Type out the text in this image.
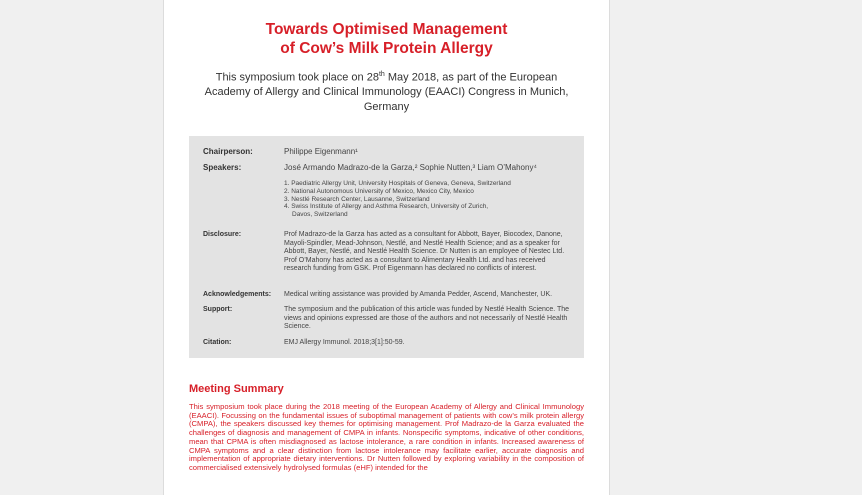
Towards Optimised Management
of Cow’s Milk Protein Allergy
This symposium took place on 28th May 2018, as part of the European Academy of Allergy and Clinical Immunology (EAACI) Congress in Munich, Germany
Chairperson:	Philippe Eigenmann¹
Speakers:	José Armando Madrazo-de la Garza,² Sophie Nutten,³ Liam O’Mahony⁴
1. Paediatric Allergy Unit, University Hospitals of Geneva, Geneva, Switzerland
2. National Autonomous University of Mexico, Mexico City, Mexico
3. Nestlé Research Center, Lausanne, Switzerland
4. Swiss Institute of Allergy and Asthma Research, University of Zurich,
Davos, Switzerland
Disclosure:	Prof Madrazo-de la Garza has acted as a consultant for Abbott, Bayer, Biocodex, Danone, Mayoli-Spindler, Mead-Johnson, Nestlé, and Nestlé Health Science; and as a speaker for Abbott, Bayer, Nestlé, and Nestlé Health Science. Dr Nutten is an employee of Nestec Ltd. Prof O’Mahony has acted as a consultant to Alimentary Health Ltd. and has received research funding from GSK. Prof Eigenmann has declared no conflicts of interest.
Acknowledgements:	Medical writing assistance was provided by Amanda Pedder, Ascend, Manchester, UK.
Support:	The symposium and the publication of this article was funded by Nestlé Health Science. The views and opinions expressed are those of the authors and not necessarily of Nestlé Health Science.
Citation:	EMJ Allergy Immunol. 2018;3[1]:50-59.
Meeting Summary
This symposium took place during the 2018 meeting of the European Academy of Allergy and Clinical Immunology (EAACI). Focussing on the fundamental issues of suboptimal management of patients with cow’s milk protein allergy (CMPA), the speakers discussed key themes for optimising management. Prof Madrazo-de la Garza evaluated the challenges of diagnosis and management of CMPA in infants. Nonspecific symptoms, indicative of other conditions, mean that CPMA is often misdiagnosed as lactose intolerance, a rare condition in infants. Increased awareness of CMPA symptoms and a clear distinction from lactose intolerance may facilitate earlier, accurate diagnosis and implementation of appropriate dietary interventions. Dr Nutten followed by exploring variability in the composition of commercialised extensively hydrolysed formulas (eHF) intended for the
